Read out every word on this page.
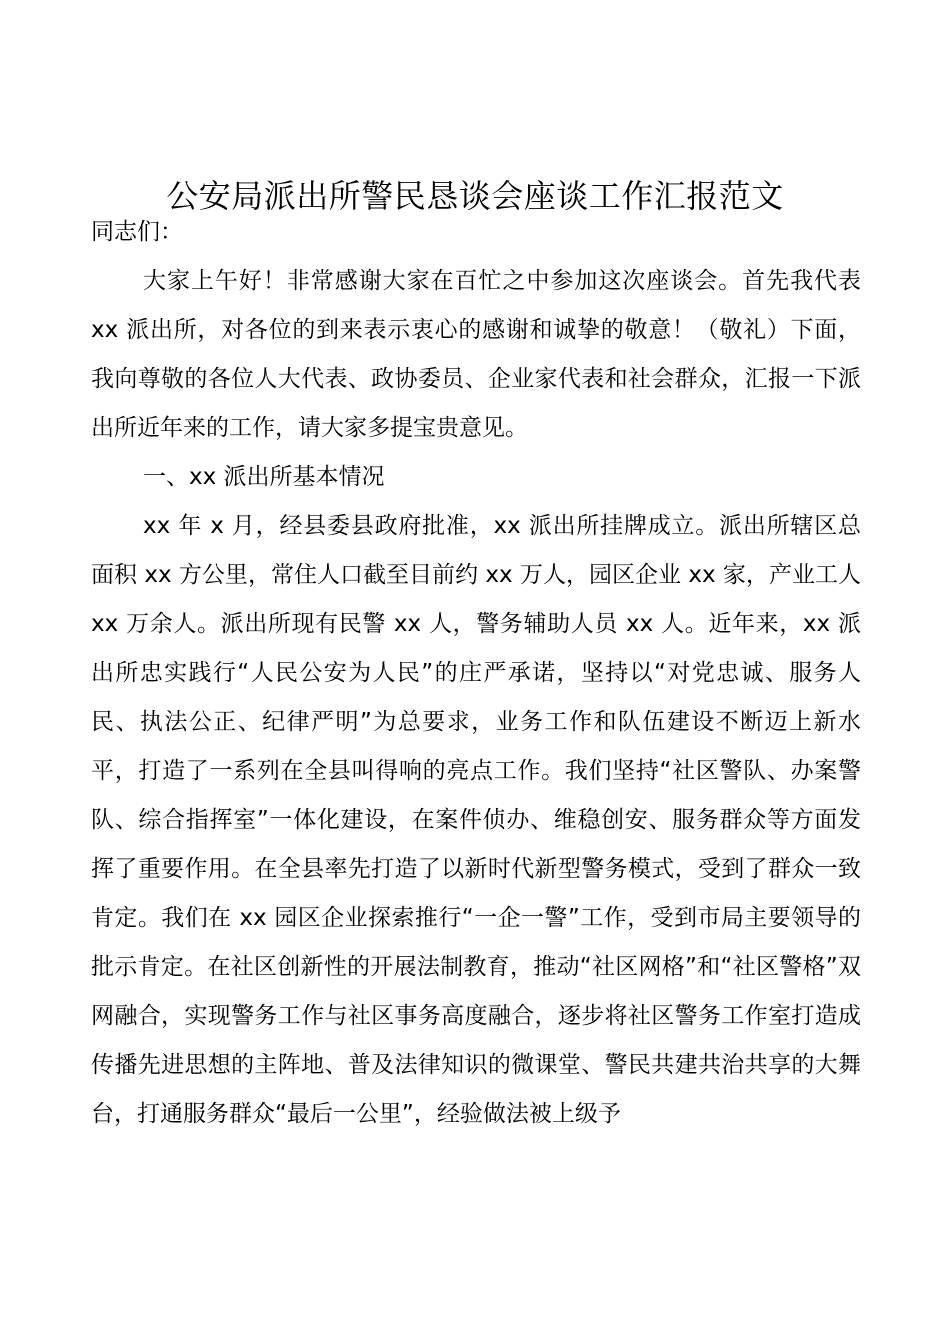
公安局派出所警民恳谈会座谈工作汇报范文

同志们：

大家上午好！非常感谢大家在百忙之中参加这次座谈会。首先我代表 xx 派出所，对各位的到来表示衷心的感谢和诚挚的敬意！（敬礼）下面，我向尊敬的各位人大代表、政协委员、企业家代表和社会群众，汇报一下派出所近年来的工作，请大家多提宝贵意见。

一、xx 派出所基本情况

xx 年 x 月，经县委县政府批准，xx 派出所挂牌成立。派出所辖区总面积 xx 方公里，常住人口截至目前约 xx 万人，园区企业 xx 家，产业工人 xx 万余人。派出所现有民警 xx 人，警务辅助人员 xx 人。近年来，xx 派出所忠实践行“人民公安为人民”的庄严承诺，坚持以“对党忠诚、服务人民、执法公正、纪律严明”为总要求，业务工作和队伍建设不断迈上新水平，打造了一系列在全县叫得响的亮点工作。我们坚持“社区警队、办案警队、综合指挥室”一体化建设，在案件侦办、维稳创安、服务群众等方面发挥了重要作用。在全县率先打造了以新时代新型警务模式，受到了群众一致肯定。我们在 xx 园区企业探索推行“一企一警”工作，受到市局主要领导的批示肯定。在社区创新性的开展法制教育，推动“社区网格”和“社区警格”双网融合，实现警务工作与社区事务高度融合，逐步将社区警务工作室打造成传播先进思想的主阵地、普及法律知识的微课堂、警民共建共治共享的大舞台，打通服务群众“最后一公里”，经验做法被上级予
